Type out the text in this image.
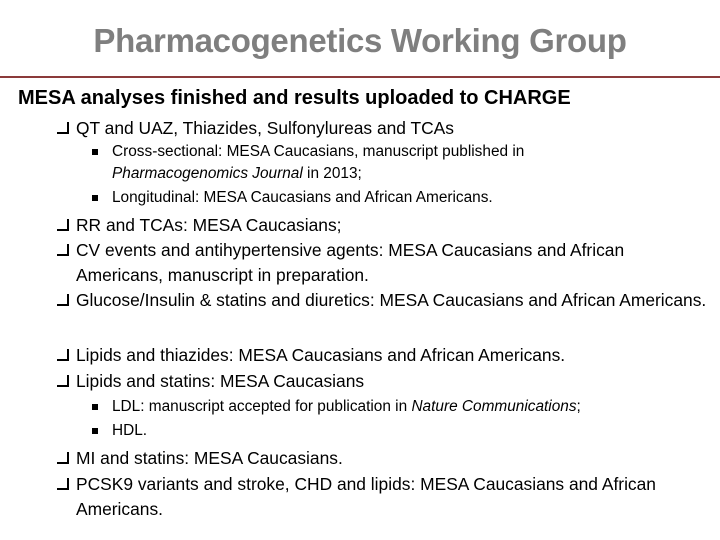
Pharmacogenetics Working Group
MESA analyses finished and results uploaded to CHARGE
QT and UAZ, Thiazides, Sulfonylureas and TCAs
Cross-sectional: MESA Caucasians, manuscript published in
Pharmacogenomics Journal in 2013;
Longitudinal: MESA Caucasians and African Americans.
RR and TCAs: MESA Caucasians;
CV events and antihypertensive agents: MESA Caucasians and African Americans, manuscript in preparation.
Glucose/Insulin & statins and diuretics: MESA Caucasians and African Americans.
Lipids and thiazides: MESA Caucasians and African Americans.
Lipids and statins: MESA Caucasians
LDL: manuscript accepted for publication in Nature Communications;
HDL.
MI and statins: MESA Caucasians.
PCSK9 variants and stroke, CHD and lipids: MESA Caucasians and African Americans.
